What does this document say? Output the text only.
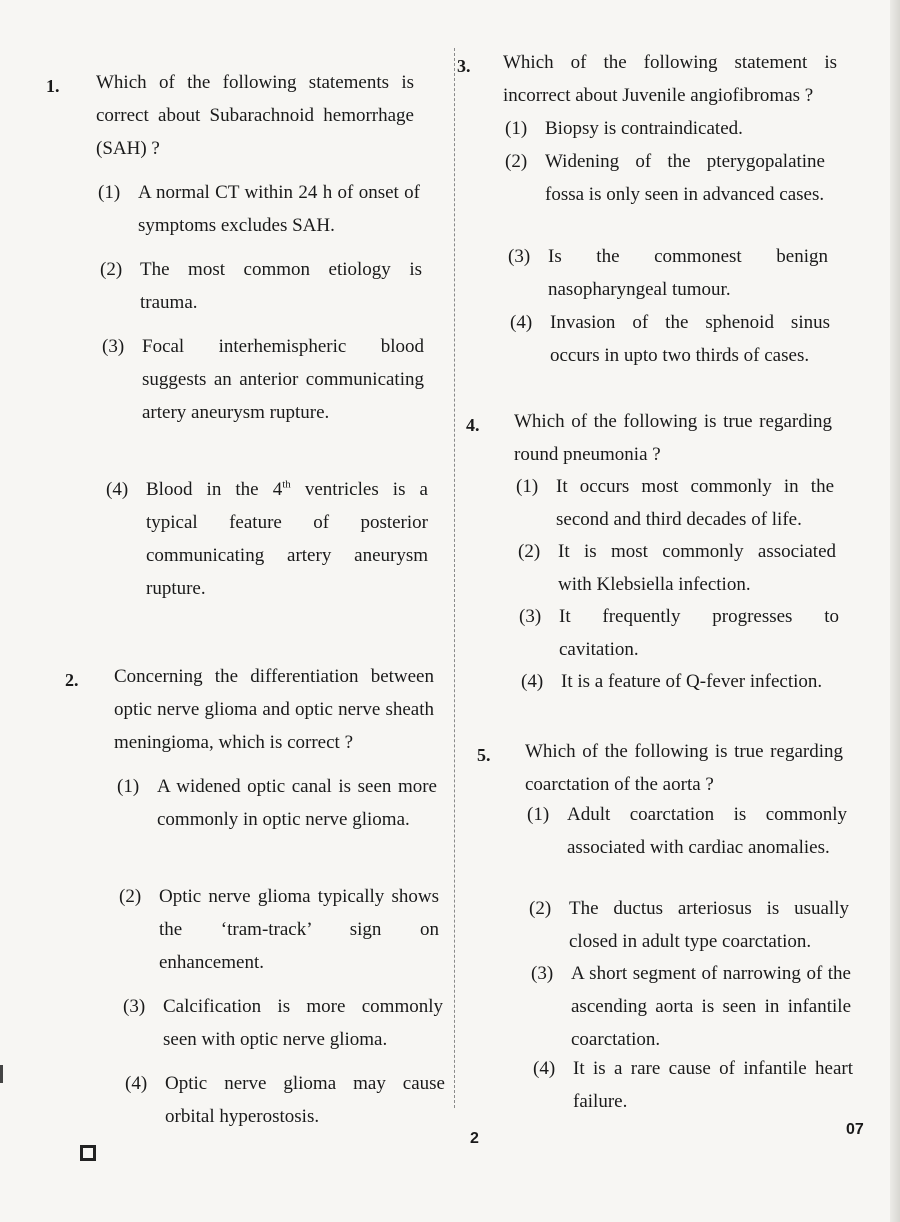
1. Which of the following statements is correct about Subarachnoid hemorrhage (SAH) ?
(1) A normal CT within 24 h of onset of symptoms excludes SAH.
(2) The most common etiology is trauma.
(3) Focal interhemispheric blood suggests an anterior communicating artery aneurysm rupture.
(4) Blood in the 4th ventricles is a typical feature of posterior communicating artery aneurysm rupture.
2. Concerning the differentiation between optic nerve glioma and optic nerve sheath meningioma, which is correct ?
(1) A widened optic canal is seen more commonly in optic nerve glioma.
(2) Optic nerve glioma typically shows the ‘tram-track’ sign on enhancement.
(3) Calcification is more commonly seen with optic nerve glioma.
(4) Optic nerve glioma may cause orbital hyperostosis.
3. Which of the following statement is incorrect about Juvenile angiofibromas ?
(1) Biopsy is contraindicated.
(2) Widening of the pterygopalatine fossa is only seen in advanced cases.
(3) Is the commonest benign nasopharyngeal tumour.
(4) Invasion of the sphenoid sinus occurs in upto two thirds of cases.
4. Which of the following is true regarding round pneumonia ?
(1) It occurs most commonly in the second and third decades of life.
(2) It is most commonly associated with Klebsiella infection.
(3) It frequently progresses to cavitation.
(4) It is a feature of Q-fever infection.
5. Which of the following is true regarding coarctation of the aorta ?
(1) Adult coarctation is commonly associated with cardiac anomalies.
(2) The ductus arteriosus is usually closed in adult type coarctation.
(3) A short segment of narrowing of the ascending aorta is seen in infantile coarctation.
(4) It is a rare cause of infantile heart failure.
2
07
